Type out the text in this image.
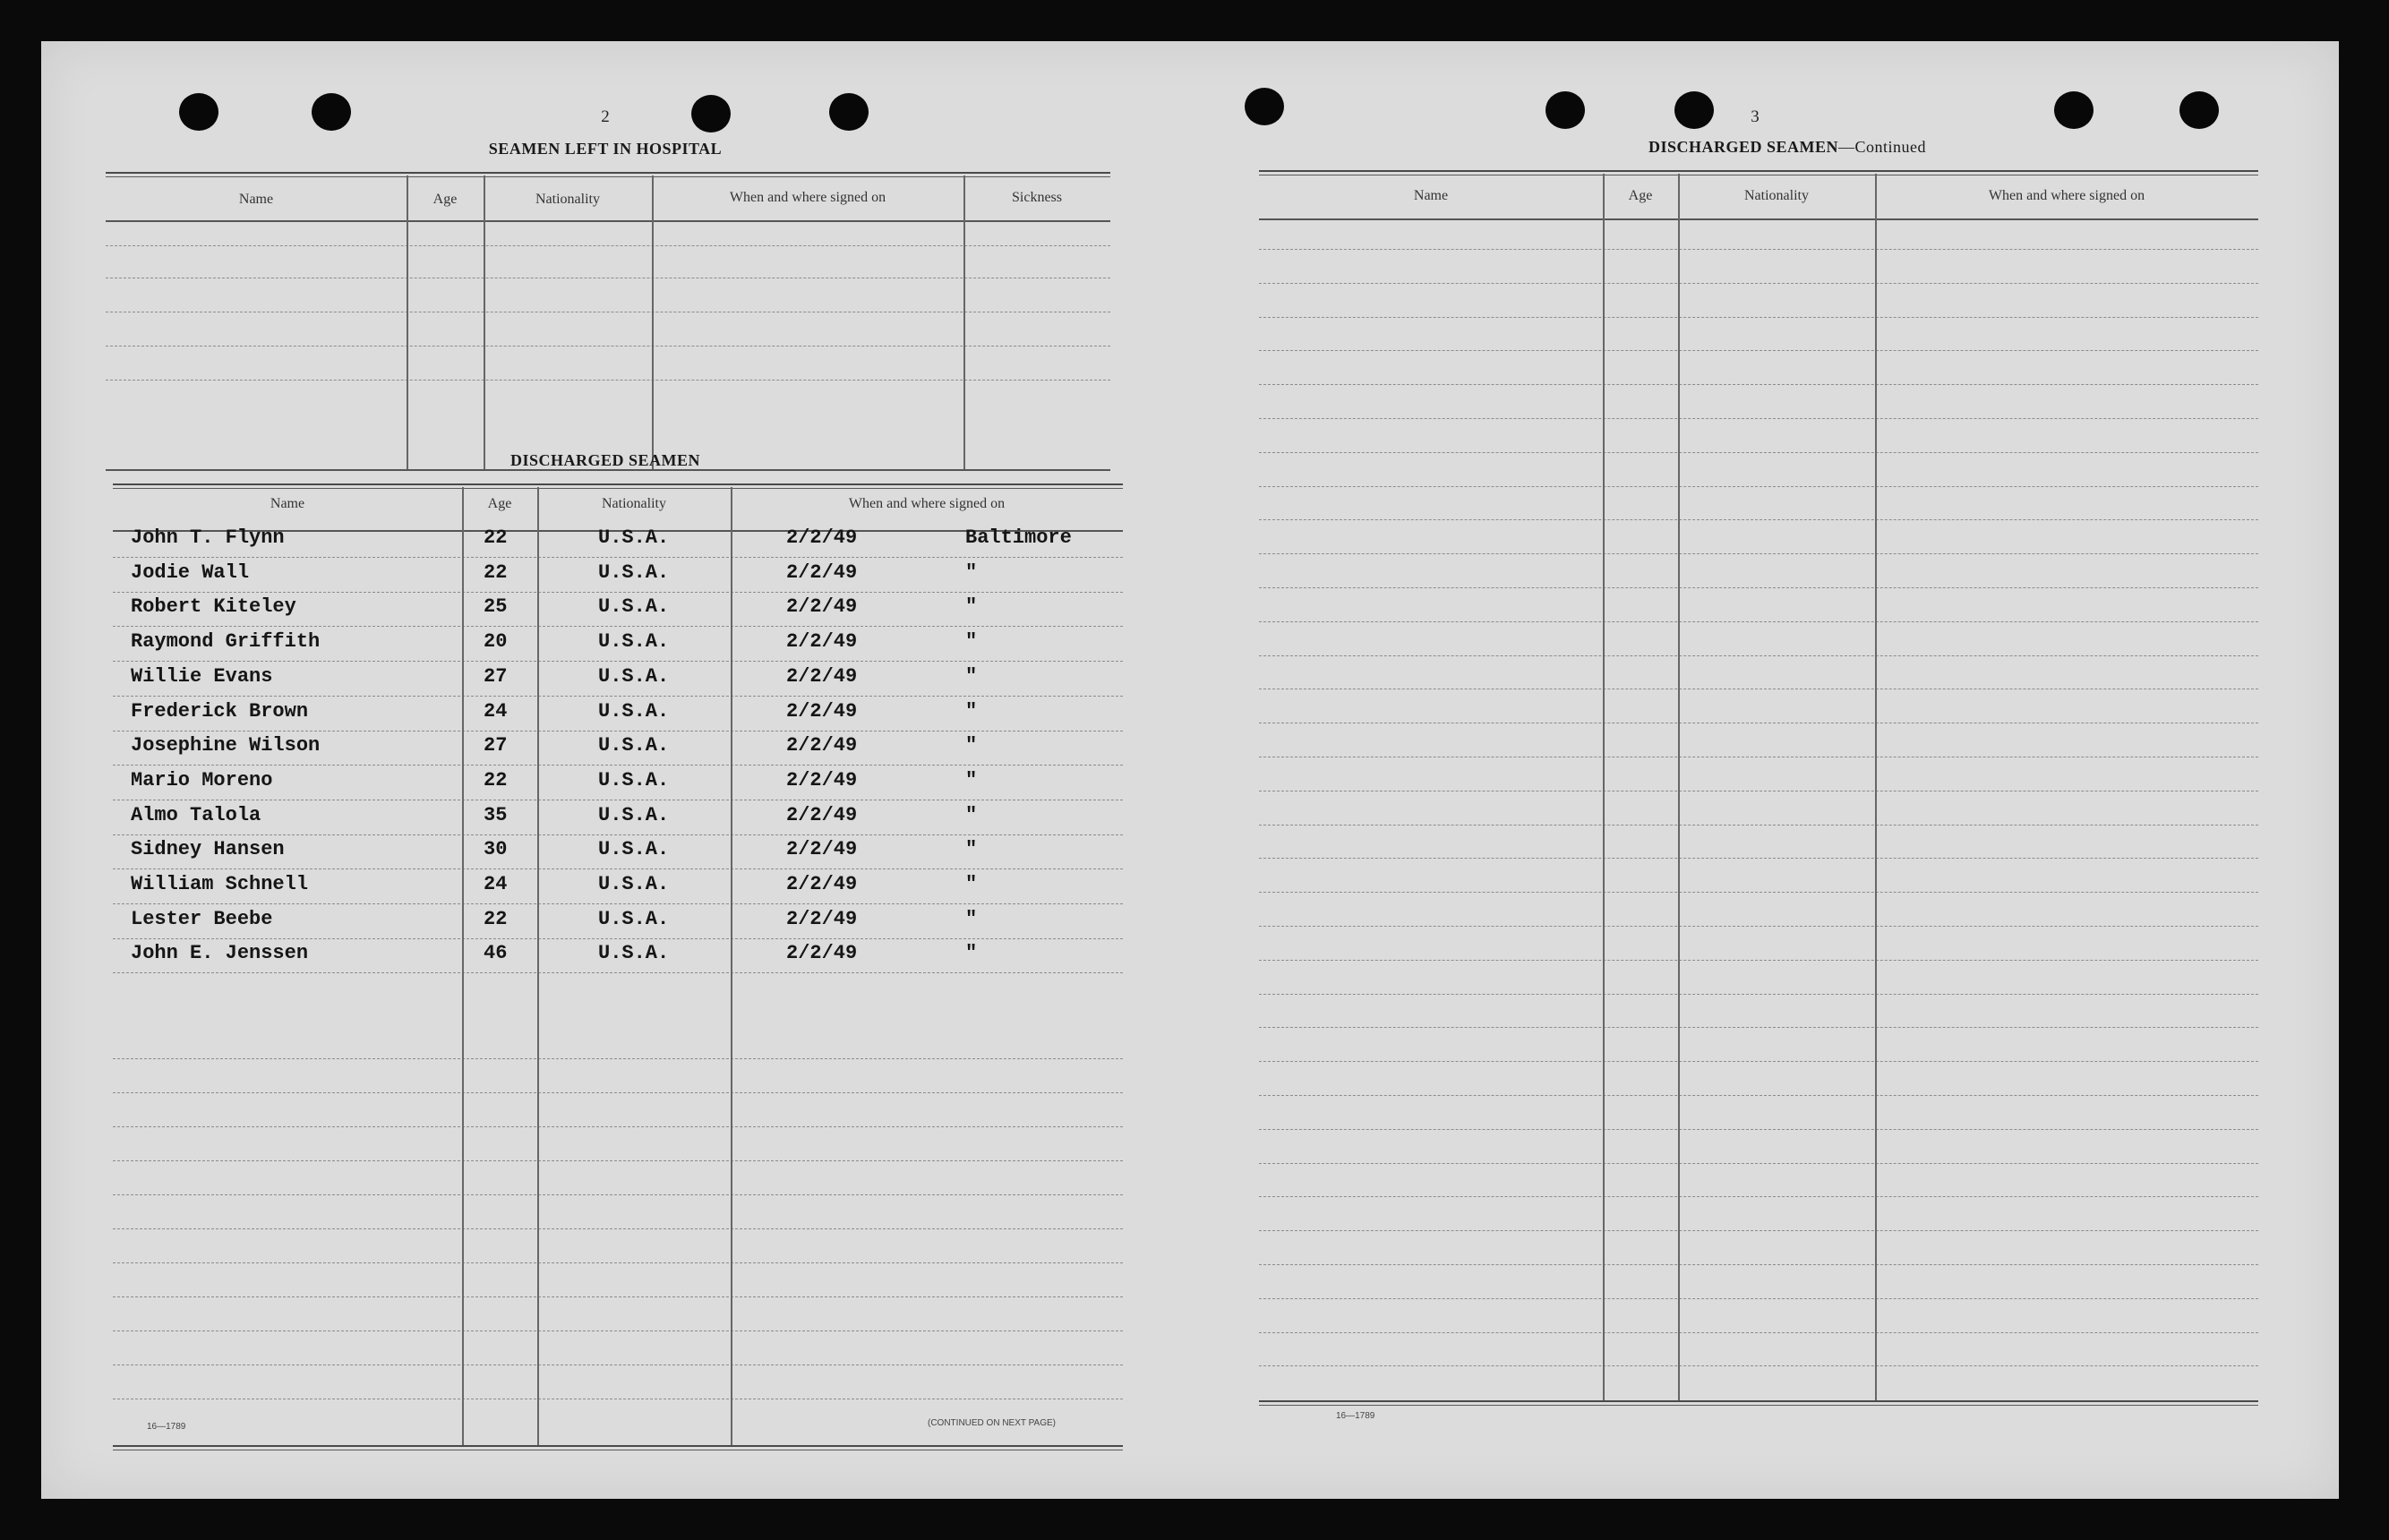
2
SEAMEN LEFT IN HOSPITAL
Name	Age	Nationality	When and where signed on	Sickness
DISCHARGED SEAMEN
Name	Age	Nationality	When and where signed on
John T. Flynn	22	U.S.A.	2/2/49	Baltimore
Jodie Wall	22	U.S.A.	2/2/49	"
Robert Kiteley	25	U.S.A.	2/2/49	"
Raymond Griffith	20	U.S.A.	2/2/49	"
Willie Evans	27	U.S.A.	2/2/49	"
Frederick Brown	24	U.S.A.	2/2/49	"
Josephine Wilson	27	U.S.A.	2/2/49	"
Mario Moreno	22	U.S.A.	2/2/49	"
Almo Talola	35	U.S.A.	2/2/49	"
Sidney Hansen	30	U.S.A.	2/2/49	"
William Schnell	24	U.S.A.	2/2/49	"
Lester Beebe	22	U.S.A.	2/2/49	"
John E. Jenssen	46	U.S.A.	2/2/49	"
16—1789	(CONTINUED ON NEXT PAGE)
3
DISCHARGED SEAMEN—Continued
Name	Age	Nationality	When and where signed on
16—1789
